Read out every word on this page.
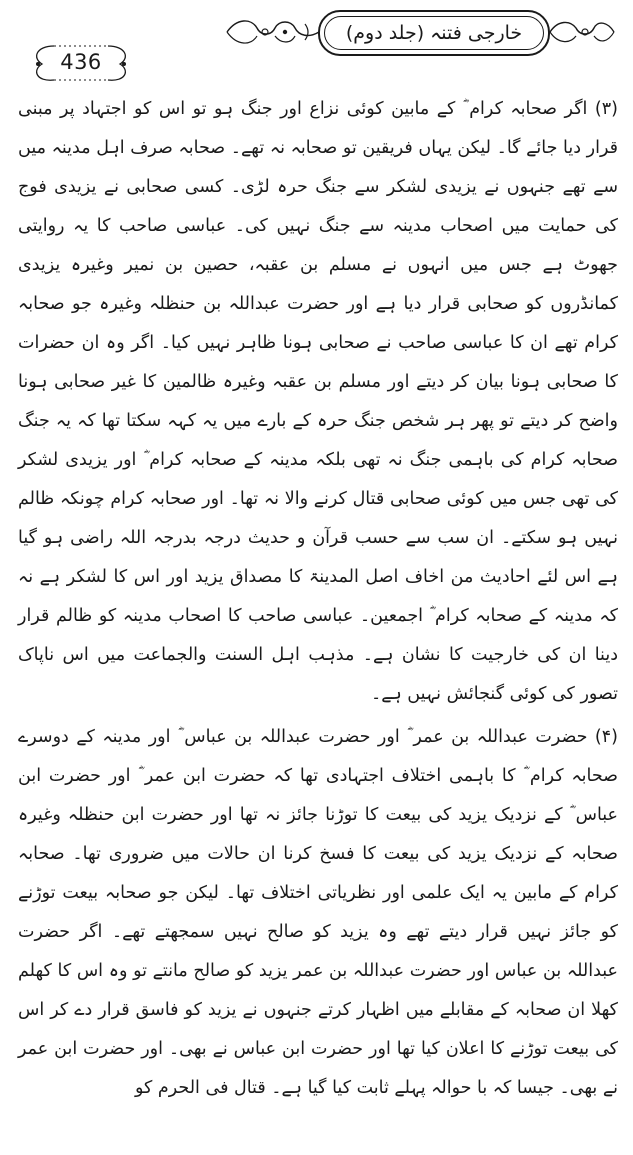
خارجی فتنہ (جلد دوم)
436

(۳) اگر صحابہ کرام ؓ کے مابین کوئی نزاع اور جنگ ہو تو اس کو اجتہاد پر مبنی قرار دیا جائے گا۔ لیکن یہاں فریقین تو صحابہ نہ تھے۔ صحابہ صرف اہل مدینہ میں سے تھے جنہوں نے یزیدی لشکر سے جنگ حرہ لڑی۔ کسی صحابی نے یزیدی فوج کی حمایت میں اصحاب مدینہ سے جنگ نہیں کی۔ عباسی صاحب کا یہ روایتی جھوٹ ہے جس میں انہوں نے مسلم بن عقبہ، حصین بن نمیر وغیرہ یزیدی کمانڈروں کو صحابی قرار دیا ہے اور حضرت عبداللہ بن حنظلہ وغیرہ جو صحابہ کرام تھے ان کا عباسی صاحب نے صحابی ہونا ظاہر نہیں کیا۔ اگر وہ ان حضرات کا صحابی ہونا بیان کر دیتے اور مسلم بن عقبہ وغیرہ ظالمین کا غیر صحابی ہونا واضح کر دیتے تو پھر ہر شخص جنگ حرہ کے بارے میں یہ کہہ سکتا تھا کہ یہ جنگ صحابہ کرام کی باہمی جنگ نہ تھی بلکہ مدینہ کے صحابہ کرام ؓ اور یزیدی لشکر کی تھی جس میں کوئی صحابی قتال کرنے والا نہ تھا۔ اور صحابہ کرام چونکہ ظالم نہیں ہو سکتے۔ ان سب سے حسب قرآن و حدیث درجہ بدرجہ اللہ راضی ہو گیا ہے اس لئے احادیث من اخاف اصل المدینۃ کا مصداق یزید اور اس کا لشکر ہے نہ کہ مدینہ کے صحابہ کرام ؓ اجمعین۔ عباسی صاحب کا اصحاب مدینہ کو ظالم قرار دینا ان کی خارجیت کا نشان ہے۔ مذہب اہل السنت والجماعت میں اس ناپاک تصور کی کوئی گنجائش نہیں ہے۔

(۴) حضرت عبداللہ بن عمر ؓ اور حضرت عبداللہ بن عباس ؓ اور مدینہ کے دوسرے صحابہ کرام ؓ کا باہمی اختلاف اجتہادی تھا کہ حضرت ابن عمر ؓ اور حضرت ابن عباس ؓ کے نزدیک یزید کی بیعت کا توڑنا جائز نہ تھا اور حضرت ابن حنظلہ وغیرہ صحابہ کے نزدیک یزید کی بیعت کا فسخ کرنا ان حالات میں ضروری تھا۔ صحابہ کرام کے مابین یہ ایک علمی اور نظریاتی اختلاف تھا۔ لیکن جو صحابہ بیعت توڑنے کو جائز نہیں قرار دیتے تھے وہ یزید کو صالح نہیں سمجھتے تھے۔ اگر حضرت عبداللہ بن عباس اور حضرت عبداللہ بن عمر یزید کو صالح مانتے تو وہ اس کا کھلم کھلا ان صحابہ کے مقابلے میں اظہار کرتے جنہوں نے یزید کو فاسق قرار دے کر اس کی بیعت توڑنے کا اعلان کیا تھا اور حضرت ابن عباس نے بھی۔ اور حضرت ابن عمر نے بھی۔ جیسا کہ با حوالہ پہلے ثابت کیا گیا ہے۔ قتال فی الحرم کو
